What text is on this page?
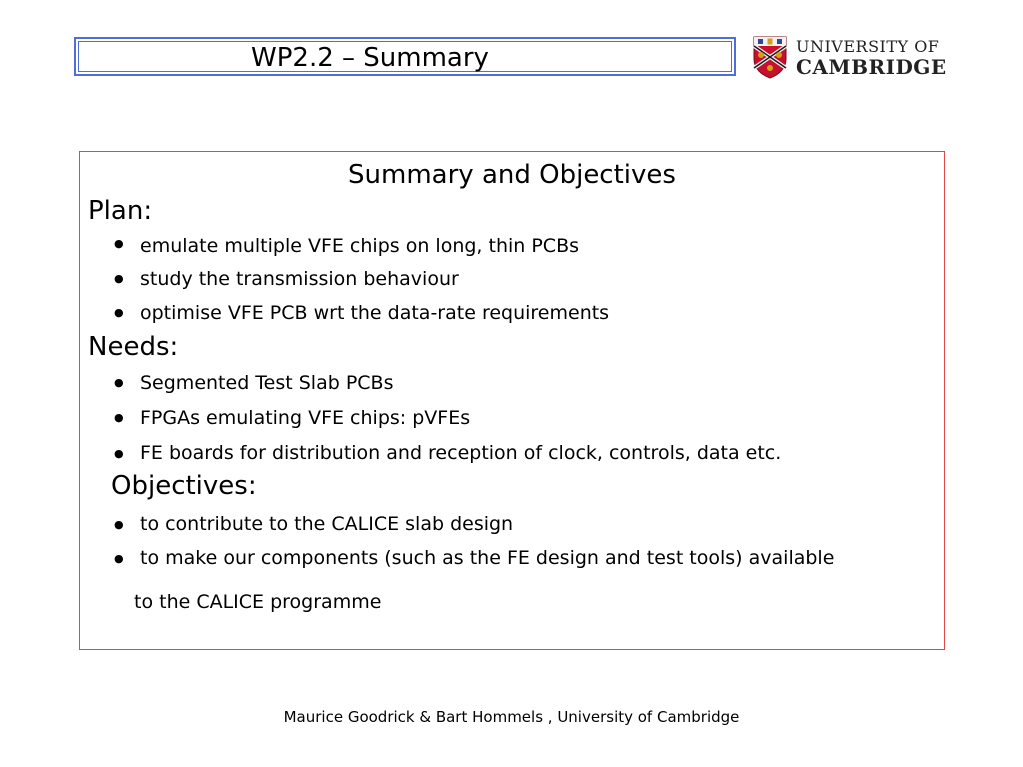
WP2.2 – Summary	UNIVERSITY OF
CAMBRIDGE
Summary and Objectives
Plan:
● emulate multiple VFE chips on long, thin PCBs
● study the transmission behaviour
● optimise VFE PCB wrt the data-rate requirements
Needs:
● Segmented Test Slab PCBs
● FPGAs emulating VFE chips: pVFEs
● FE boards for distribution and reception of clock, controls, data etc.
Objectives:
● to contribute to the CALICE slab design
● to make our components (such as the FE design and test tools) available
to the CALICE programme
Maurice Goodrick & Bart Hommels , University of Cambridge
